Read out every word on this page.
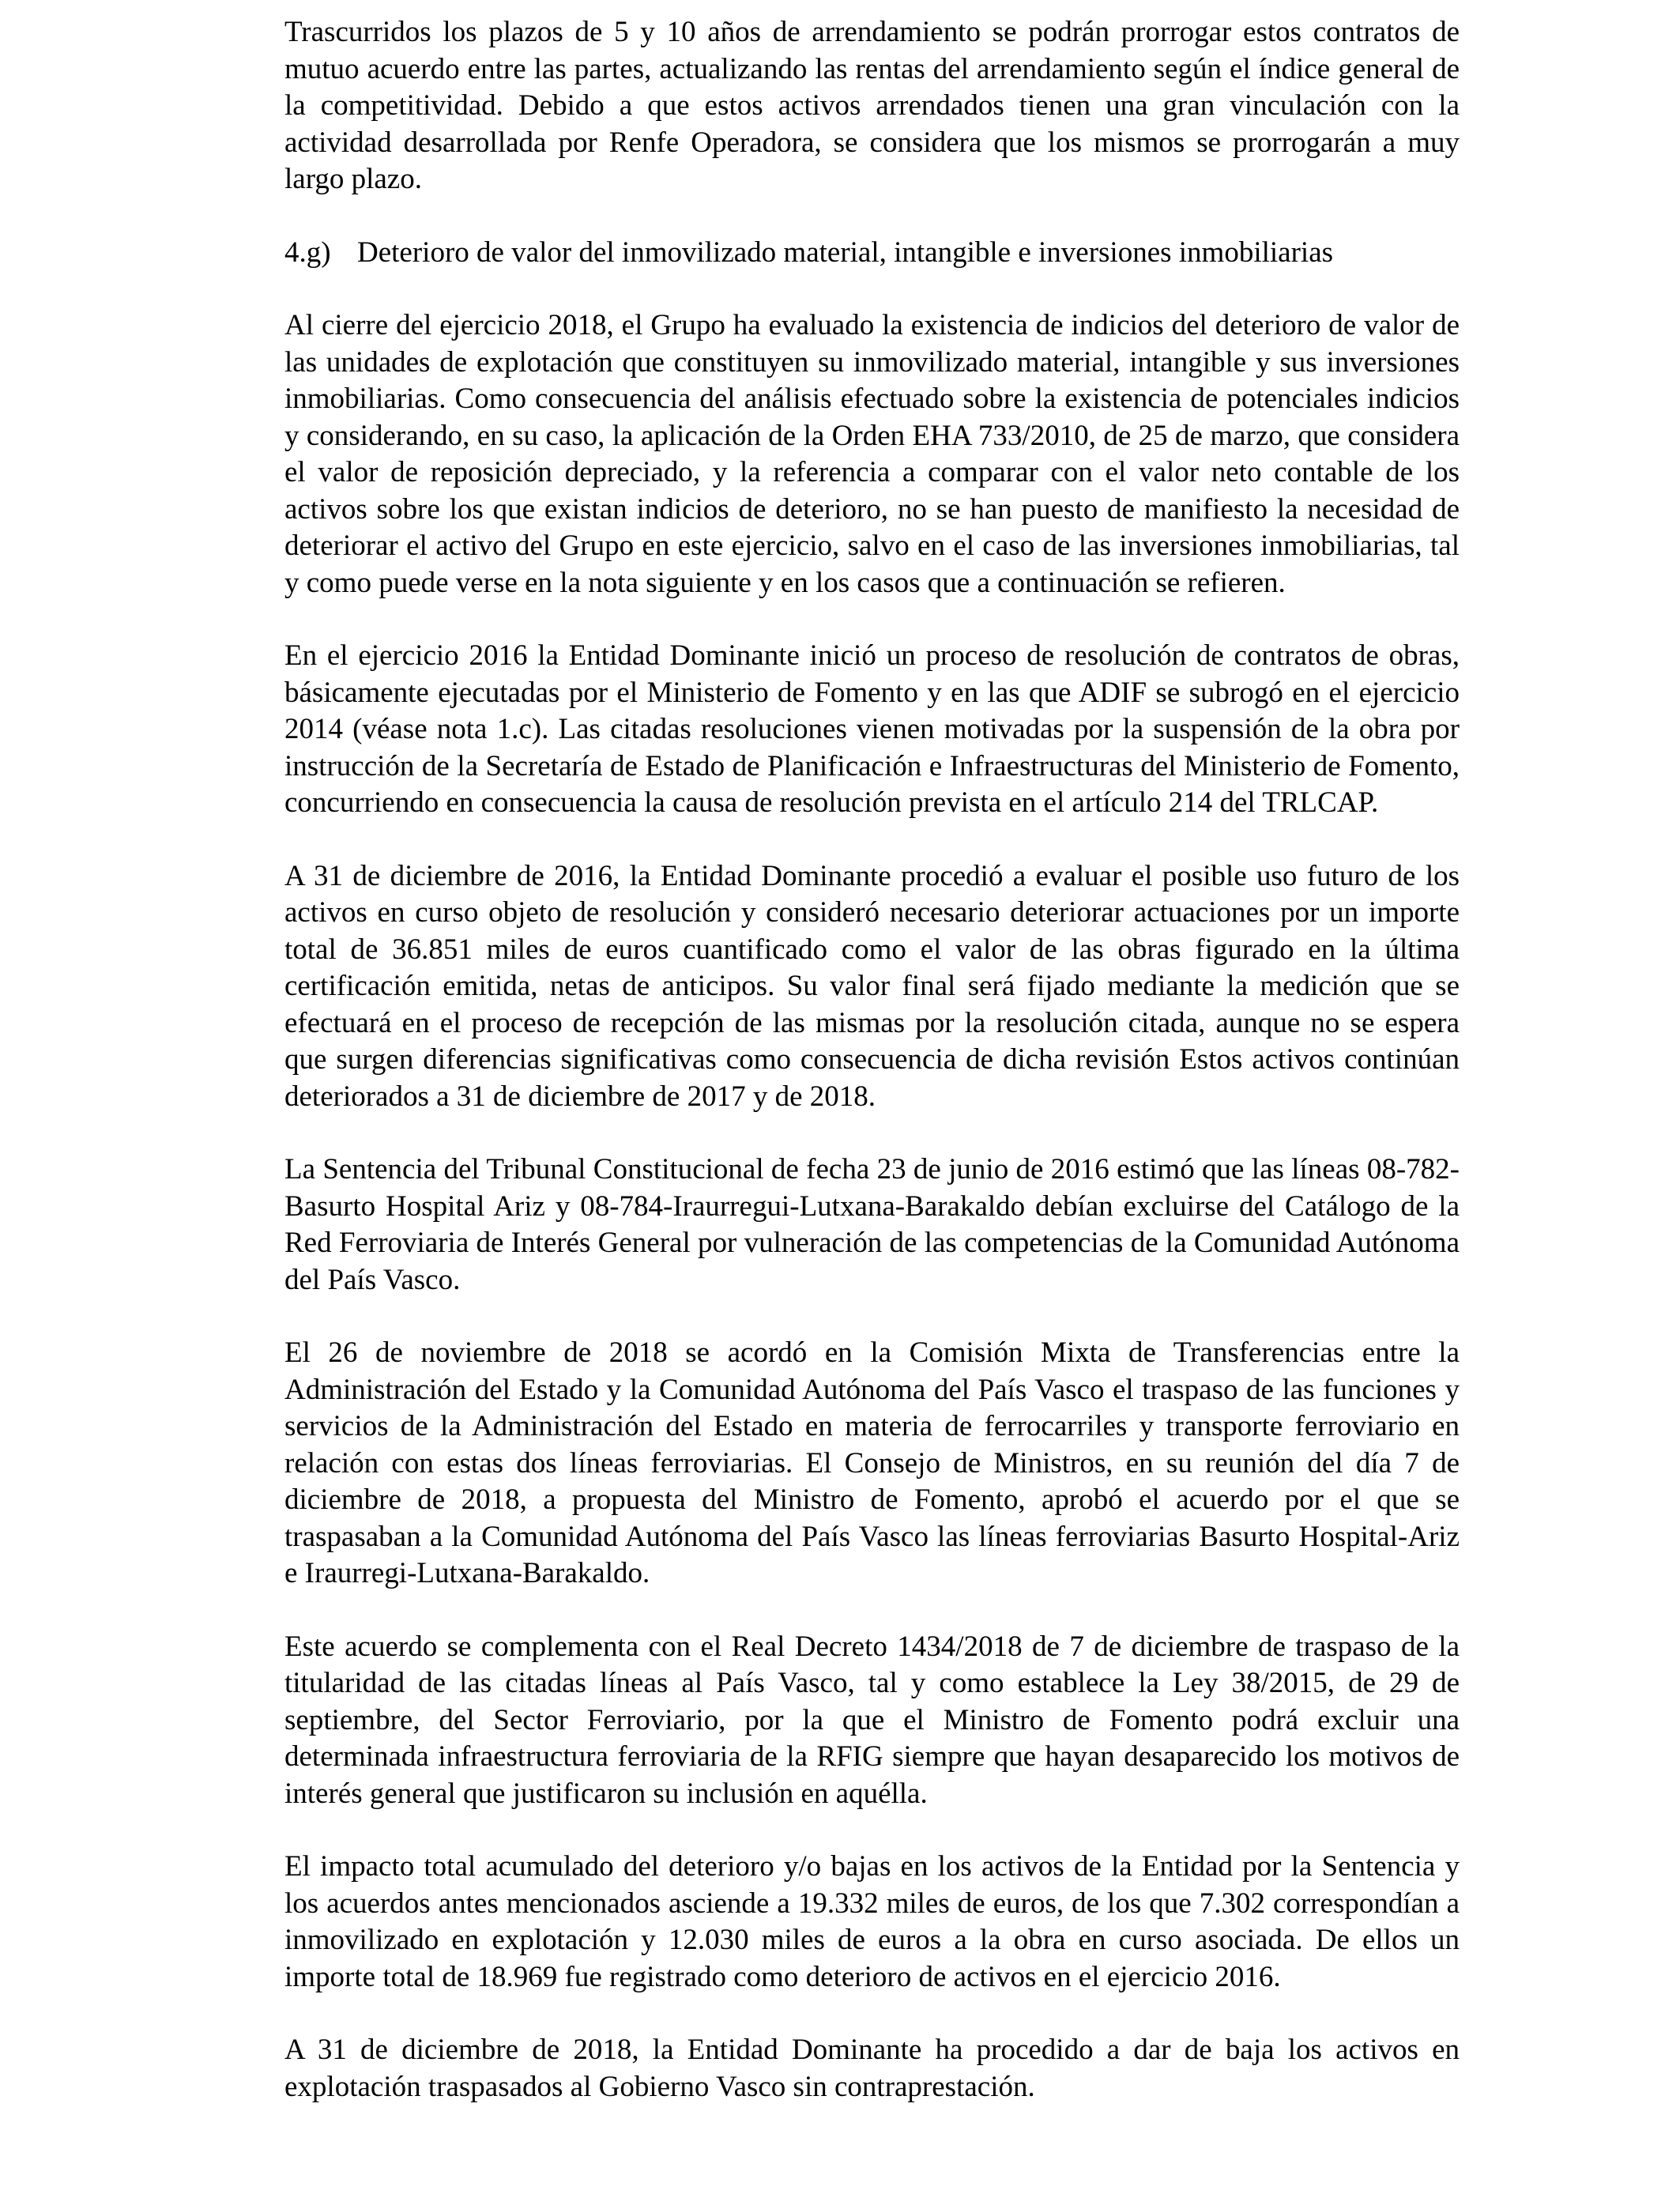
Trascurridos los plazos de 5 y 10 años de arrendamiento se podrán prorrogar estos contratos de mutuo acuerdo entre las partes, actualizando las rentas del arrendamiento según el índice general de la competitividad. Debido a que estos activos arrendados tienen una gran vinculación con la actividad desarrollada por Renfe Operadora, se considera que los mismos se prorrogarán a muy largo plazo.

4.g) Deterioro de valor del inmovilizado material, intangible e inversiones inmobiliarias

Al cierre del ejercicio 2018, el Grupo ha evaluado la existencia de indicios del deterioro de valor de las unidades de explotación que constituyen su inmovilizado material, intangible y sus inversiones inmobiliarias. Como consecuencia del análisis efectuado sobre la existencia de potenciales indicios y considerando, en su caso, la aplicación de la Orden EHA 733/2010, de 25 de marzo, que considera el valor de reposición depreciado, y la referencia a comparar con el valor neto contable de los activos sobre los que existan indicios de deterioro, no se han puesto de manifiesto la necesidad de deteriorar el activo del Grupo en este ejercicio, salvo en el caso de las inversiones inmobiliarias, tal y como puede verse en la nota siguiente y en los casos que a continuación se refieren.

En el ejercicio 2016 la Entidad Dominante inició un proceso de resolución de contratos de obras, básicamente ejecutadas por el Ministerio de Fomento y en las que ADIF se subrogó en el ejercicio 2014 (véase nota 1.c). Las citadas resoluciones vienen motivadas por la suspensión de la obra por instrucción de la Secretaría de Estado de Planificación e Infraestructuras del Ministerio de Fomento, concurriendo en consecuencia la causa de resolución prevista en el artículo 214 del TRLCAP.

A 31 de diciembre de 2016, la Entidad Dominante procedió a evaluar el posible uso futuro de los activos en curso objeto de resolución y consideró necesario deteriorar actuaciones por un importe total de 36.851 miles de euros cuantificado como el valor de las obras figurado en la última certificación emitida, netas de anticipos. Su valor final será fijado mediante la medición que se efectuará en el proceso de recepción de las mismas por la resolución citada, aunque no se espera que surgen diferencias significativas como consecuencia de dicha revisión Estos activos continúan deteriorados a 31 de diciembre de 2017 y de 2018.

La Sentencia del Tribunal Constitucional de fecha 23 de junio de 2016 estimó que las líneas 08-782-Basurto Hospital Ariz y 08-784-Iraurregui-Lutxana-Barakaldo debían excluirse del Catálogo de la Red Ferroviaria de Interés General por vulneración de las competencias de la Comunidad Autónoma del País Vasco.

El 26 de noviembre de 2018 se acordó en la Comisión Mixta de Transferencias entre la Administración del Estado y la Comunidad Autónoma del País Vasco el traspaso de las funciones y servicios de la Administración del Estado en materia de ferrocarriles y transporte ferroviario en relación con estas dos líneas ferroviarias. El Consejo de Ministros, en su reunión del día 7 de diciembre de 2018, a propuesta del Ministro de Fomento, aprobó el acuerdo por el que se traspasaban a la Comunidad Autónoma del País Vasco las líneas ferroviarias Basurto Hospital-Ariz e Iraurregi-Lutxana-Barakaldo.

Este acuerdo se complementa con el Real Decreto 1434/2018 de 7 de diciembre de traspaso de la titularidad de las citadas líneas al País Vasco, tal y como establece la Ley 38/2015, de 29 de septiembre, del Sector Ferroviario, por la que el Ministro de Fomento podrá excluir una determinada infraestructura ferroviaria de la RFIG siempre que hayan desaparecido los motivos de interés general que justificaron su inclusión en aquélla.

El impacto total acumulado del deterioro y/o bajas en los activos de la Entidad por la Sentencia y los acuerdos antes mencionados asciende a 19.332 miles de euros, de los que 7.302 correspondían a inmovilizado en explotación y 12.030 miles de euros a la obra en curso asociada. De ellos un importe total de 18.969 fue registrado como deterioro de activos en el ejercicio 2016.

A 31 de diciembre de 2018, la Entidad Dominante ha procedido a dar de baja los activos en explotación traspasados al Gobierno Vasco sin contraprestación.
